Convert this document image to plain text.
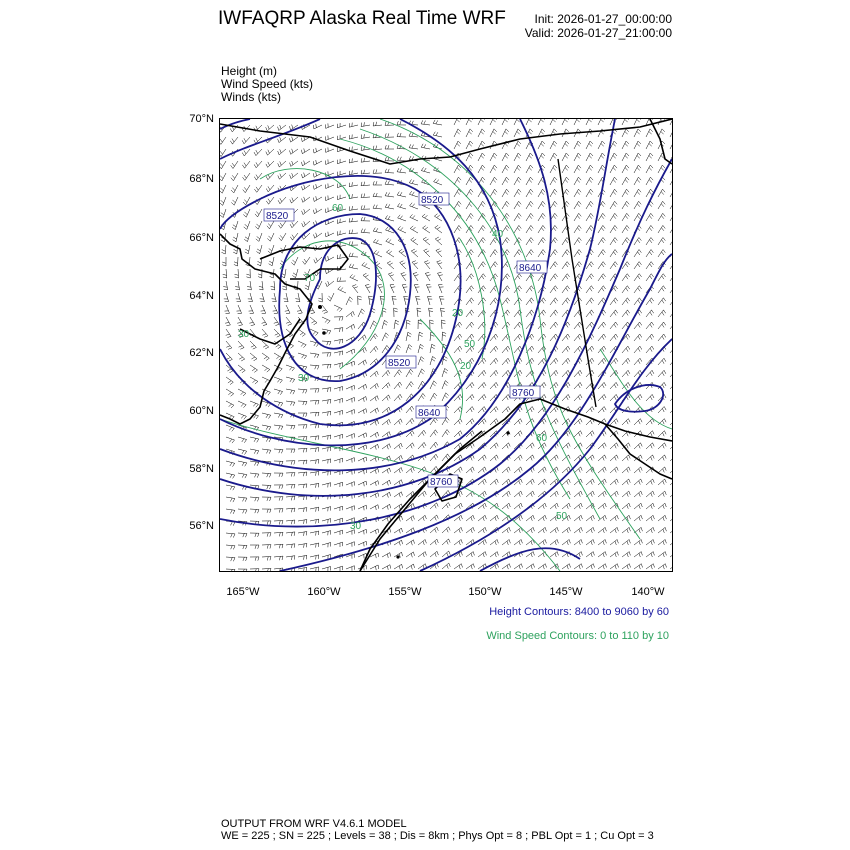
IWFAQRP Alaska Real Time WRF Init: 2026-01-27_00:00:00
Valid: 2026-01-27_21:00:00
Height (m)
Wind Speed (kts)
Winds (kts)
8520
8520
8520
8640
8640
8760
8760
60
70
30
40
50
20
30
60
30
50
20
70°N
68°N
66°N
64°N
62°N
60°N
58°N
56°N
165°W	160°W	155°W	150°W	145°W	140°W
Height Contours: 8400 to 9060 by 60
Wind Speed Contours: 0 to 110 by 10
OUTPUT FROM WRF V4.6.1 MODEL
WE = 225 ; SN = 225 ; Levels = 38 ; Dis = 8km ; Phys Opt = 8 ; PBL Opt = 1 ; Cu Opt = 3
